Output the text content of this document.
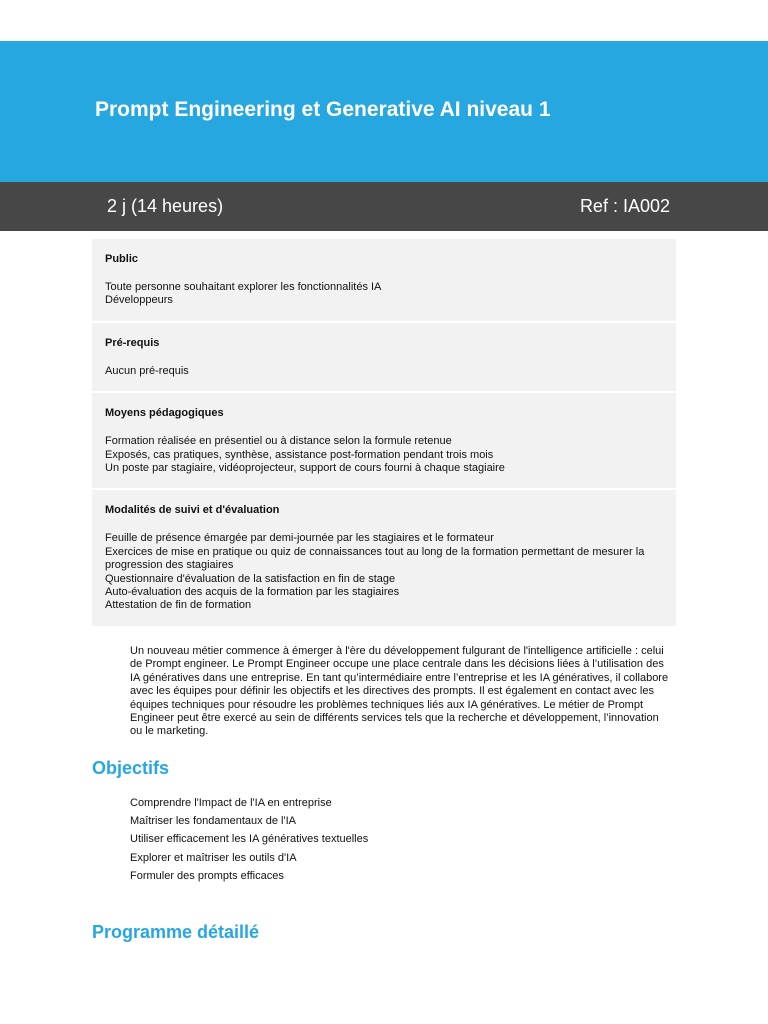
Prompt Engineering et Generative AI niveau 1
2 j (14 heures)	Ref : IA002
Public
Toute personne souhaitant explorer les fonctionnalités IA
Développeurs
Pré-requis
Aucun pré-requis
Moyens pédagogiques
Formation réalisée en présentiel ou à distance selon la formule retenue
Exposés, cas pratiques, synthèse, assistance post-formation pendant trois mois
Un poste par stagiaire, vidéoprojecteur, support de cours fourni à chaque stagiaire
Modalités de suivi et d'évaluation
Feuille de présence émargée par demi-journée par les stagiaires et le formateur
Exercices de mise en pratique ou quiz de connaissances tout au long de la formation permettant de mesurer la progression des stagiaires
Questionnaire d'évaluation de la satisfaction en fin de stage
Auto-évaluation des acquis de la formation par les stagiaires
Attestation de fin de formation

Un nouveau métier commence à émerger à l'ère du développement fulgurant de l'intelligence artificielle : celui de Prompt engineer. Le Prompt Engineer occupe une place centrale dans les décisions liées à l’utilisation des IA génératives dans une entreprise. En tant qu’intermédiaire entre l’entreprise et les IA génératives, il collabore avec les équipes pour définir les objectifs et les directives des prompts. Il est également en contact avec les équipes techniques pour résoudre les problèmes techniques liés aux IA génératives. Le métier de Prompt Engineer peut être exercé au sein de différents services tels que la recherche et développement, l’innovation ou le marketing.

Objectifs
Comprendre l'Impact de l'IA en entreprise
Maîtriser les fondamentaux de l'IA
Utiliser efficacement les IA génératives textuelles
Explorer et maîtriser les outils d'IA
Formuler des prompts efficaces
Programme détaillé
